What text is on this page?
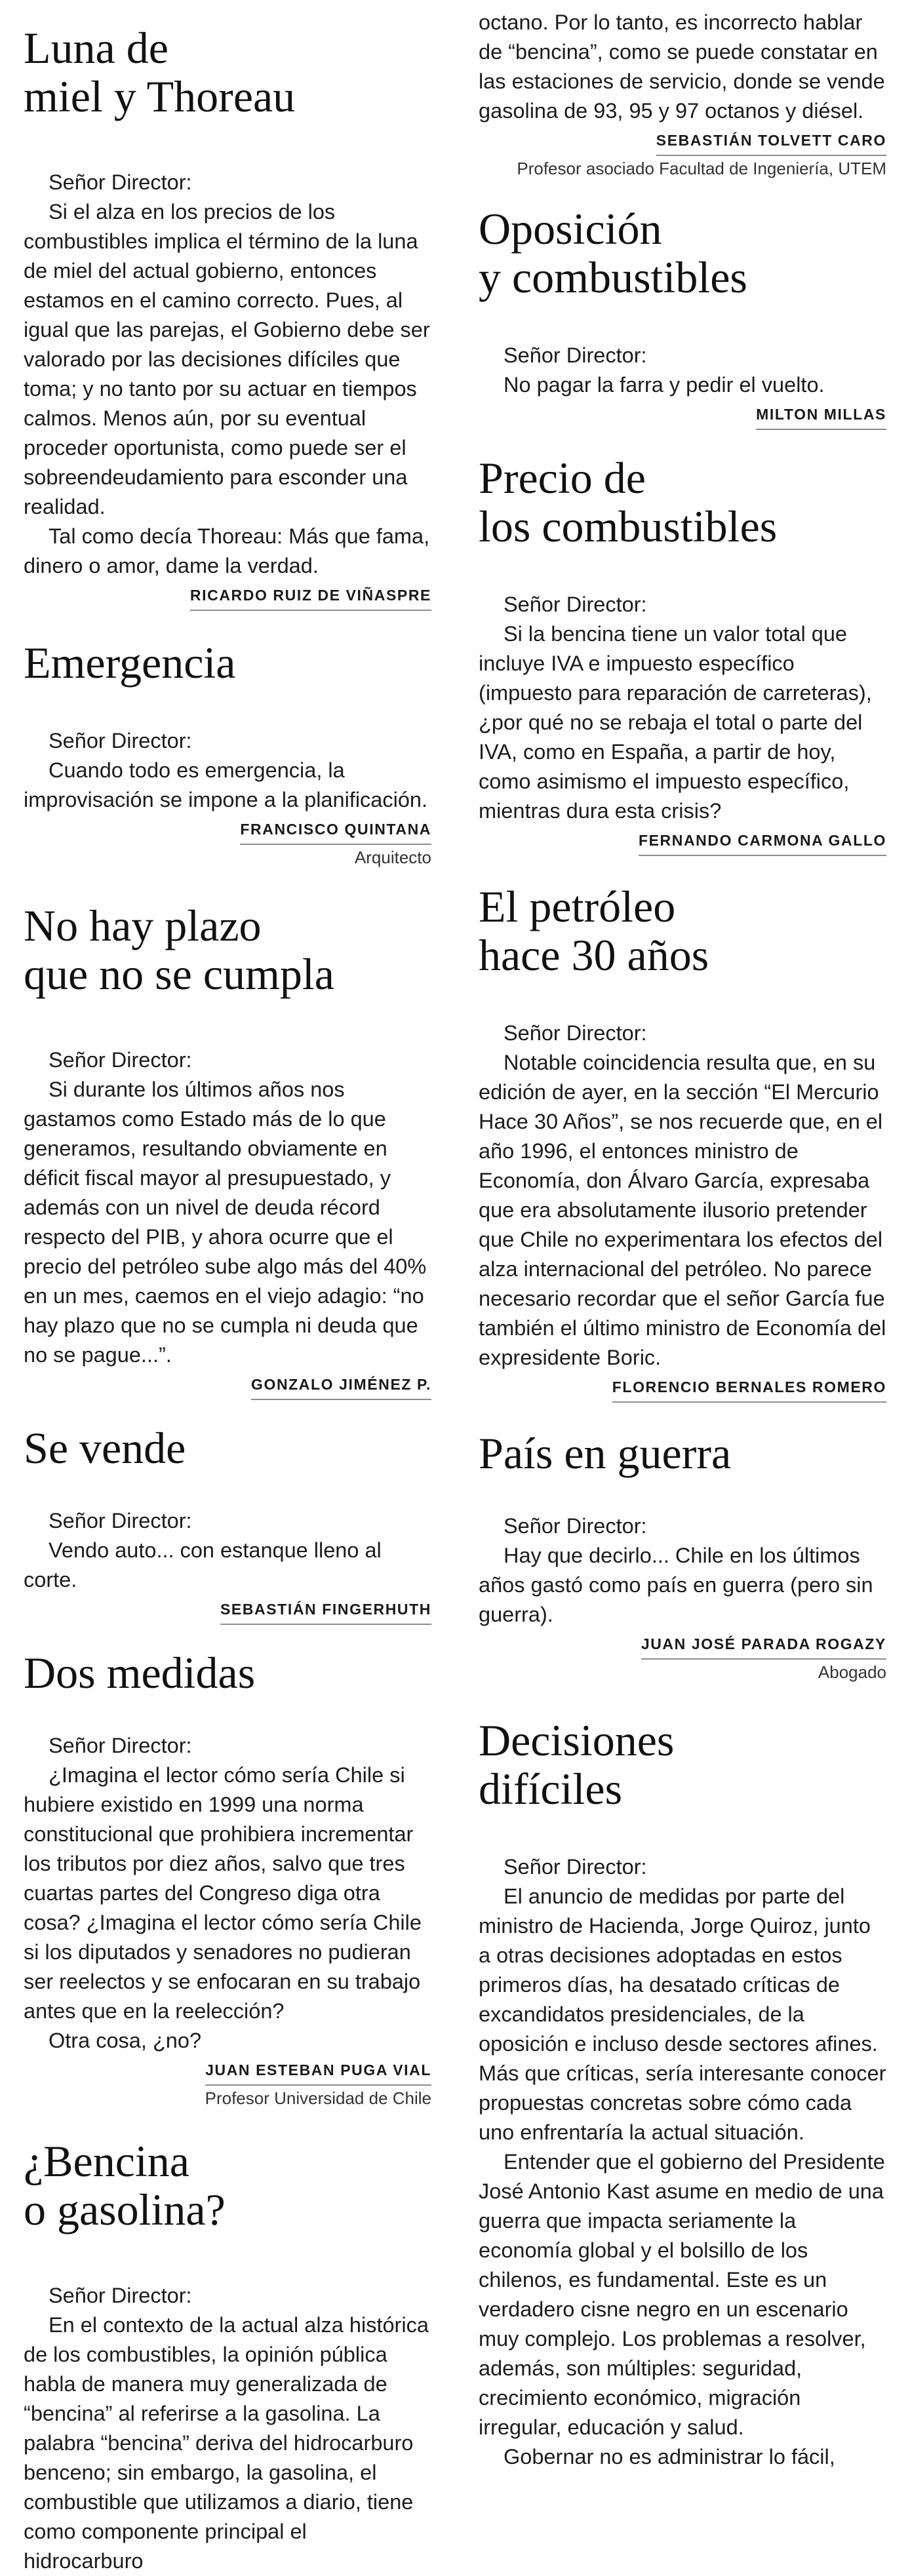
Luna de
miel y Thoreau

Señor Director:

Si el alza en los precios de los combustibles implica el término de la luna de miel del actual gobierno, entonces estamos en el camino correcto. Pues, al igual que las parejas, el Gobierno debe ser valorado por las decisiones difíciles que toma; y no tanto por su actuar en tiempos calmos. Menos aún, por su eventual proceder oportunista, como puede ser el sobreendeudamiento para esconder una realidad.

Tal como decía Thoreau: Más que fama, dinero o amor, dame la verdad.

RICARDO RUIZ DE VIÑASPRE
Emergencia

Señor Director:

Cuando todo es emergencia, la improvisación se impone a la planificación.

FRANCISCO QUINTANA
Arquitecto
No hay plazo
que no se cumpla

Señor Director:

Si durante los últimos años nos gastamos como Estado más de lo que generamos, resultando obviamente en déficit fiscal mayor al presupuestado, y además con un nivel de deuda récord respecto del PIB, y ahora ocurre que el precio del petróleo sube algo más del 40% en un mes, caemos en el viejo adagio: “no hay plazo que no se cumpla ni deuda que no se pague...”.

GONZALO JIMÉNEZ P.
Se vende

Señor Director:

Vendo auto... con estanque lleno al corte.

SEBASTIÁN FINGERHUTH
Dos medidas

Señor Director:

¿Imagina el lector cómo sería Chile si hubiere existido en 1999 una norma constitucional que prohibiera incrementar los tributos por diez años, salvo que tres cuartas partes del Congreso diga otra cosa? ¿Imagina el lector cómo sería Chile si los diputados y senadores no pudieran ser reelectos y se enfocaran en su trabajo antes que en la reelección?

Otra cosa, ¿no?

JUAN ESTEBAN PUGA VIAL
Profesor Universidad de Chile
¿Bencina
o gasolina?

Señor Director:

En el contexto de la actual alza histórica de los combustibles, la opinión pública habla de manera muy generalizada de “bencina” al referirse a la gasolina. La palabra “bencina” deriva del hidrocarburo benceno; sin embargo, la gasolina, el combustible que utilizamos a diario, tiene como componente principal el hidrocarburo

octano. Por lo tanto, es incorrecto hablar de “bencina”, como se puede constatar en las estaciones de servicio, donde se vende gasolina de 93, 95 y 97 octanos y diésel.

SEBASTIÁN TOLVETT CARO
Profesor asociado Facultad de Ingeniería, UTEM
Oposición
y combustibles

Señor Director:

No pagar la farra y pedir el vuelto.

MILTON MILLAS
Precio de
los combustibles

Señor Director:

Si la bencina tiene un valor total que incluye IVA e impuesto específico (impuesto para reparación de carreteras), ¿por qué no se rebaja el total o parte del IVA, como en España, a partir de hoy, como asimismo el impuesto específico, mientras dura esta crisis?

FERNANDO CARMONA GALLO
El petróleo
hace 30 años

Señor Director:

Notable coincidencia resulta que, en su edición de ayer, en la sección “El Mercurio Hace 30 Años”, se nos recuerde que, en el año 1996, el entonces ministro de Economía, don Álvaro García, expresaba que era absolutamente ilusorio pretender que Chile no experimentara los efectos del alza internacional del petróleo. No parece necesario recordar que el señor García fue también el último ministro de Economía del expresidente Boric.

FLORENCIO BERNALES ROMERO
País en guerra

Señor Director:

Hay que decirlo... Chile en los últimos años gastó como país en guerra (pero sin guerra).

JUAN JOSÉ PARADA ROGAZY
Abogado
Decisiones
difíciles

Señor Director:

El anuncio de medidas por parte del ministro de Hacienda, Jorge Quiroz, junto a otras decisiones adoptadas en estos primeros días, ha desatado críticas de excandidatos presidenciales, de la oposición e incluso desde sectores afines. Más que críticas, sería interesante conocer propuestas concretas sobre cómo cada uno enfrentaría la actual situación.

Entender que el gobierno del Presidente José Antonio Kast asume en medio de una guerra que impacta seriamente la economía global y el bolsillo de los chilenos, es fundamental. Este es un verdadero cisne negro en un escenario muy complejo. Los problemas a resolver, además, son múltiples: seguridad, crecimiento económico, migración irregular, educación y salud.

Gobernar no es administrar lo fácil,
